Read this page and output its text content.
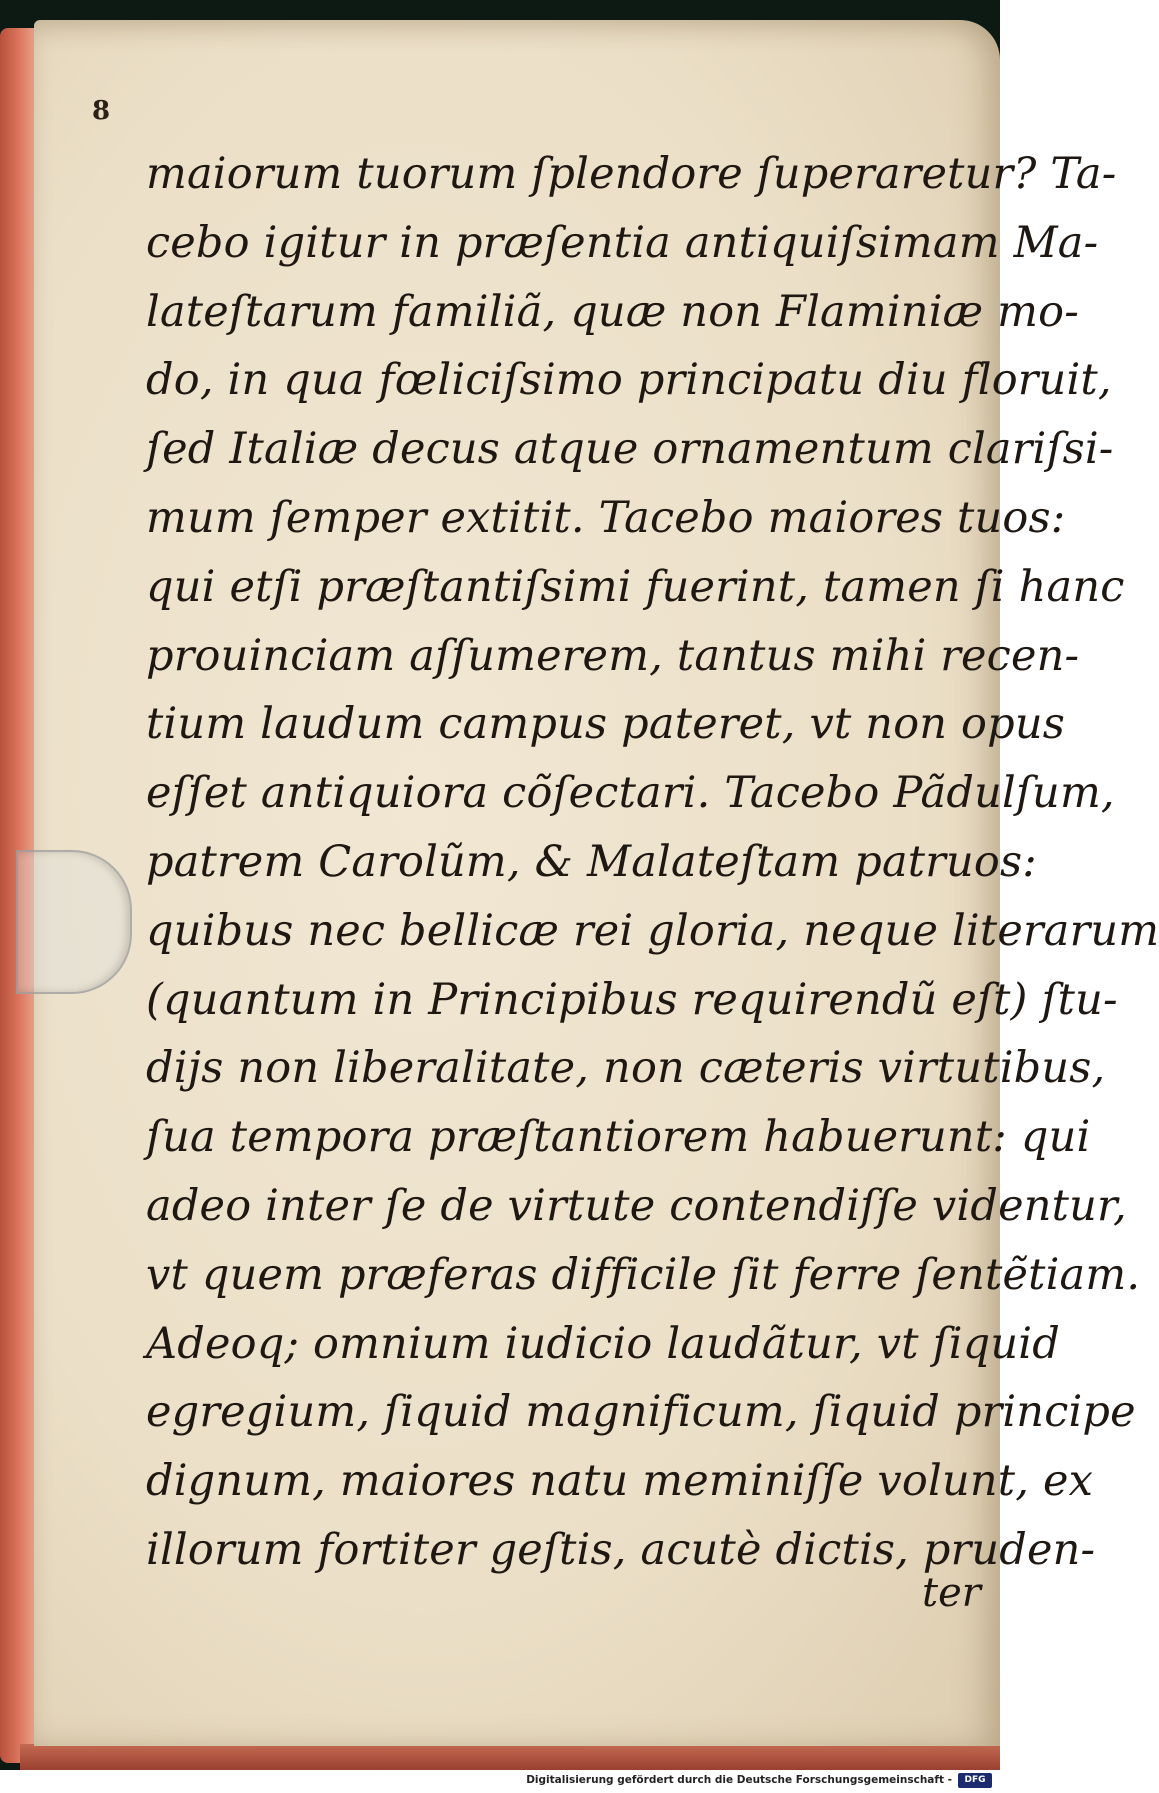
8
maiorum tuorum ſplendore ſuperaretur? Ta-
cebo igitur in præſentia antiquiſsimam Ma-
lateſtarum familiã, quæ non Flaminiæ mo-
do, in qua fœliciſsimo principatu diu floruit,
ſed Italiæ decus atque ornamentum clariſsi-
mum ſemper extitit. Tacebo maiores tuos:
qui etſi præſtantiſsimi fuerint, tamen ſi hanc
prouinciam aſſumerem, tantus mihi recen-
tium laudum campus pateret, vt non opus
eſſet antiquiora cõſectari. Tacebo Pãdulſum,
patrem Carolũm, & Malateſtam patruos:
quibus nec bellicæ rei gloria, neque literarum
(quantum in Principibus requirendũ eſt) ſtu-
dijs non liberalitate, non cæteris virtutibus,
ſua tempora præſtantiorem habuerunt: qui
adeo inter ſe de virtute contendiſſe videntur,
vt quem præferas difficile ſit ferre ſentẽtiam.
Adeoq; omnium iudicio laudãtur, vt ſiquid
egregium, ſiquid magnificum, ſiquid principe
dignum, maiores natu meminiſſe volunt, ex
illorum fortiter geſtis, acutè dictis, pruden-
ter
Digitalisierung gefördert durch die Deutsche Forschungsgemeinschaft -	DFG
